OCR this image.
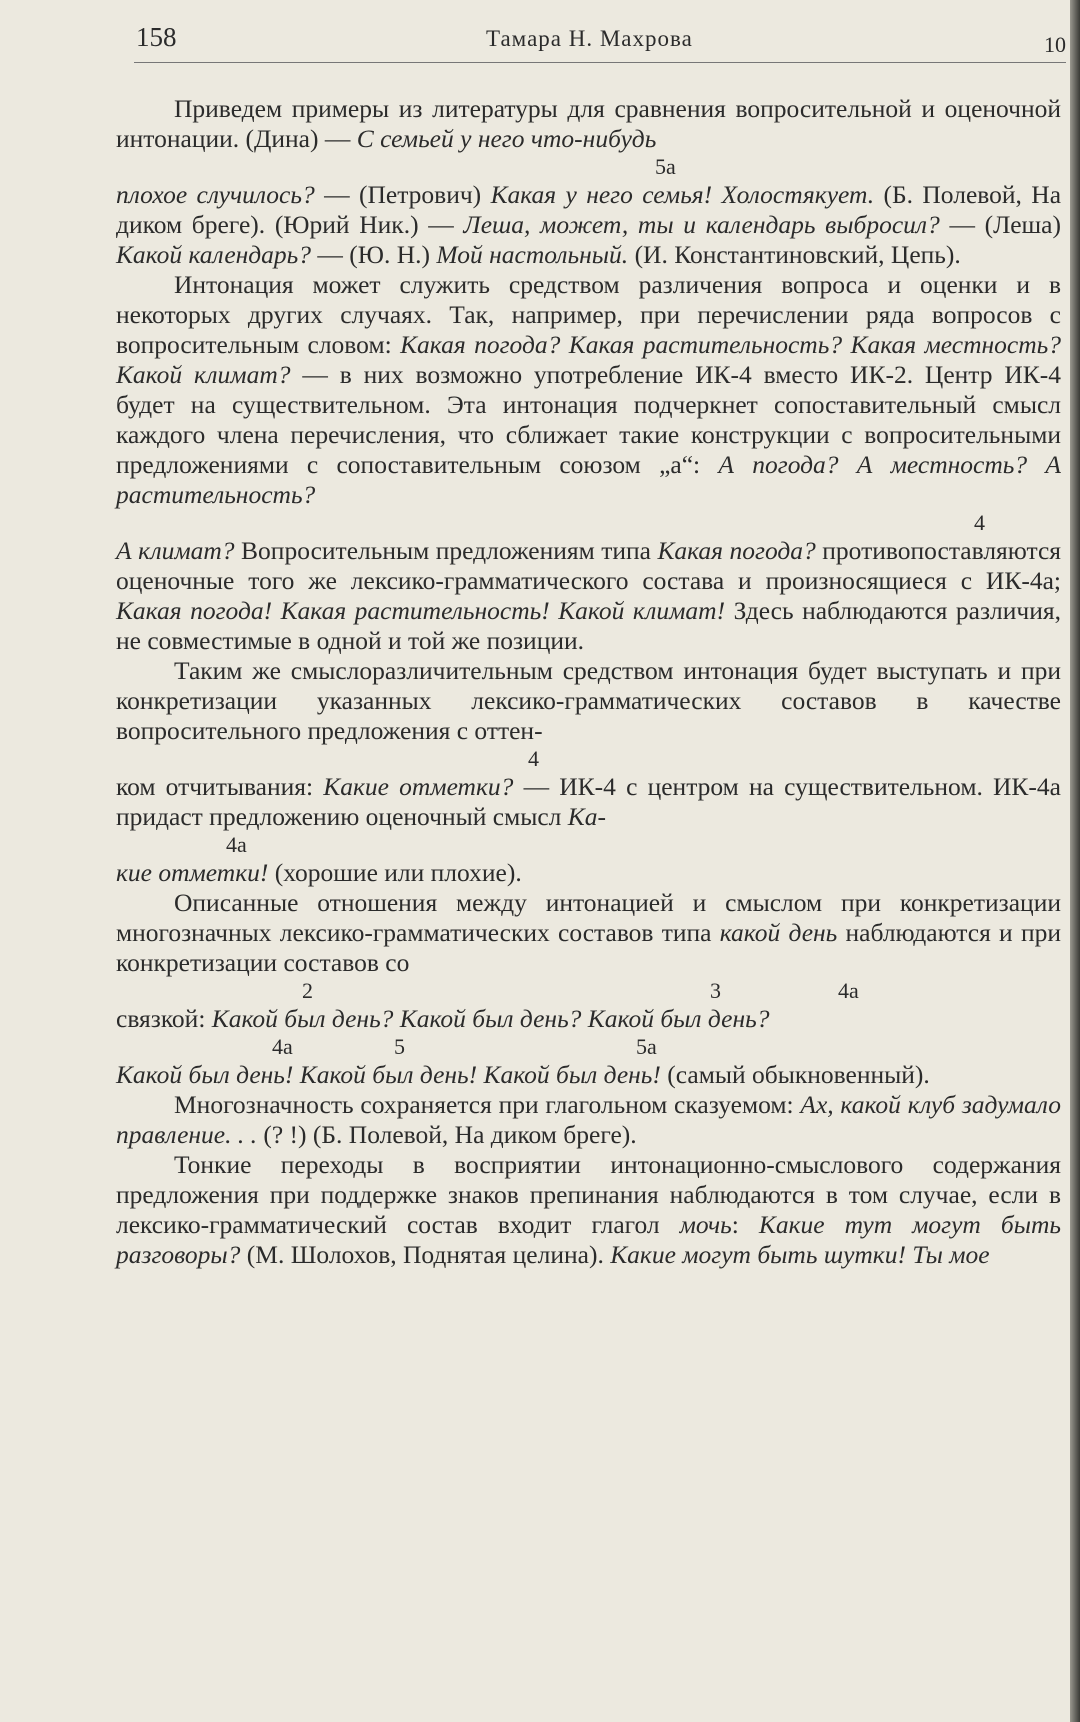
158	Тамара Н. Махрова	10

Приведем примеры из литературы для сравнения вопросительной и оценочной интонации. (Дина) — С семьей у него что-нибудь
5а
плохое случилось? — (Петрович) Какая у него семья! Холостякует. (Б. Полевой, На диком бреге). (Юрий Ник.) — Леша, может, ты и календарь выбросил? — (Леша) Какой календарь? — (Ю. Н.) Мой настольный. (И. Константиновский, Цепь).

Интонация может служить средством различения вопроса и оценки и в некоторых других случаях. Так, например, при перечислении ряда вопросов с вопросительным словом: Какая погода? Какая растительность? Какая местность? Какой климат? — в них возможно употребление ИК-4 вместо ИК-2. Центр ИК-4 будет на существительном. Эта интонация подчеркнет сопоставительный смысл каждого члена перечисления, что сближает такие конструкции с вопросительными предложениями с сопоставительным союзом „а“: А погода? А местность? А растительность?
4
А климат? Вопросительным предложениям типа Какая погода? противопоставляются оценочные того же лексико-грамматического состава и произносящиеся с ИК-4а; Какая погода! Какая растительность! Какой климат! Здесь наблюдаются различия, не совместимые в одной и той же позиции.

Таким же смыслоразличительным средством интонация будет выступать и при конкретизации указанных лексико-грамматических составов в качестве вопросительного предложения с оттен-
4
ком отчитывания: Какие отметки? — ИК-4 с центром на существительном. ИК-4а придаст предложению оценочный смысл Ка-
4а
кие отметки! (хорошие или плохие).

Описанные отношения между интонацией и смыслом при конкретизации многозначных лексико-грамматических составов типа какой день наблюдаются и при конкретизации составов со
2	3	4а
связкой: Какой был день? Какой был день? Какой был день?
4а	5	5а
Какой был день! Какой был день! Какой был день! (самый обыкновенный).

Многозначность сохраняется при глагольном сказуемом: Ах, какой клуб задумало правление. . . (? !) (Б. Полевой, На диком бреге).

Тонкие переходы в восприятии интонационно-смыслового содержания предложения при поддержке знаков препинания наблюдаются в том случае, если в лексико-грамматический состав входит глагол мочь: Какие тут могут быть разговоры? (М. Шолохов, Поднятая целина). Какие могут быть шутки! Ты мое
